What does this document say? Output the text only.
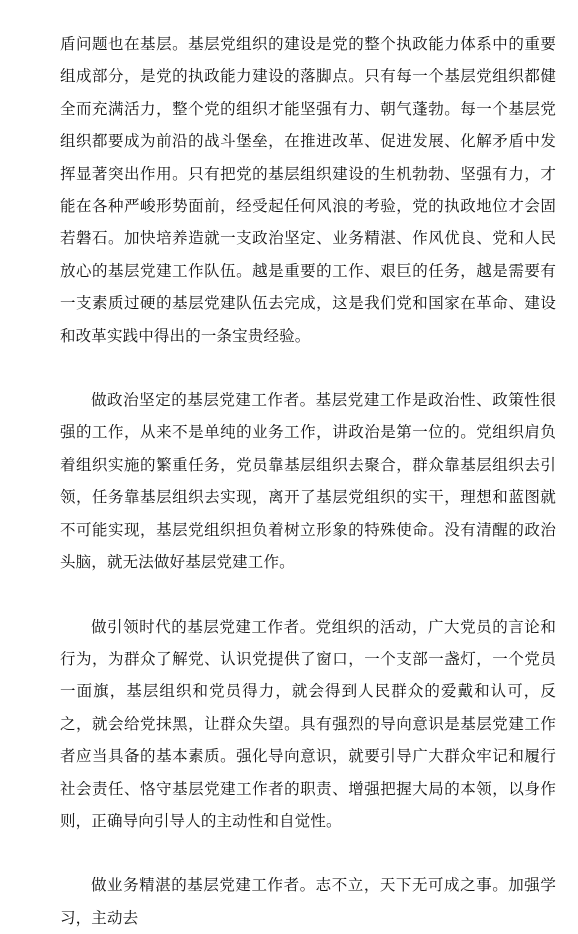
盾问题也在基层。基层党组织的建设是党的整个执政能力体系中的重要组成部分，是党的执政能力建设的落脚点。只有每一个基层党组织都健全而充满活力，整个党的组织才能坚强有力、朝气蓬勃。每一个基层党组织都要成为前沿的战斗堡垒，在推进改革、促进发展、化解矛盾中发挥显著突出作用。只有把党的基层组织建设的生机勃勃、坚强有力，才能在各种严峻形势面前，经受起任何风浪的考验，党的执政地位才会固若磐石。加快培养造就一支政治坚定、业务精湛、作风优良、党和人民放心的基层党建工作队伍。越是重要的工作、艰巨的任务，越是需要有一支素质过硬的基层党建队伍去完成，这是我们党和国家在革命、建设和改革实践中得出的一条宝贵经验。

做政治坚定的基层党建工作者。基层党建工作是政治性、政策性很强的工作，从来不是单纯的业务工作，讲政治是第一位的。党组织肩负着组织实施的繁重任务，党员靠基层组织去聚合，群众靠基层组织去引领，任务靠基层组织去实现，离开了基层党组织的实干，理想和蓝图就不可能实现，基层党组织担负着树立形象的特殊使命。没有清醒的政治头脑，就无法做好基层党建工作。

做引领时代的基层党建工作者。党组织的活动，广大党员的言论和行为，为群众了解党、认识党提供了窗口，一个支部一盏灯，一个党员一面旗，基层组织和党员得力，就会得到人民群众的爱戴和认可，反之，就会给党抹黑，让群众失望。具有强烈的导向意识是基层党建工作者应当具备的基本素质。强化导向意识，就要引导广大群众牢记和履行社会责任、恪守基层党建工作者的职责、增强把握大局的本领，以身作则，正确导向引导人的主动性和自觉性。

做业务精湛的基层党建工作者。志不立，天下无可成之事。加强学习，主动去
